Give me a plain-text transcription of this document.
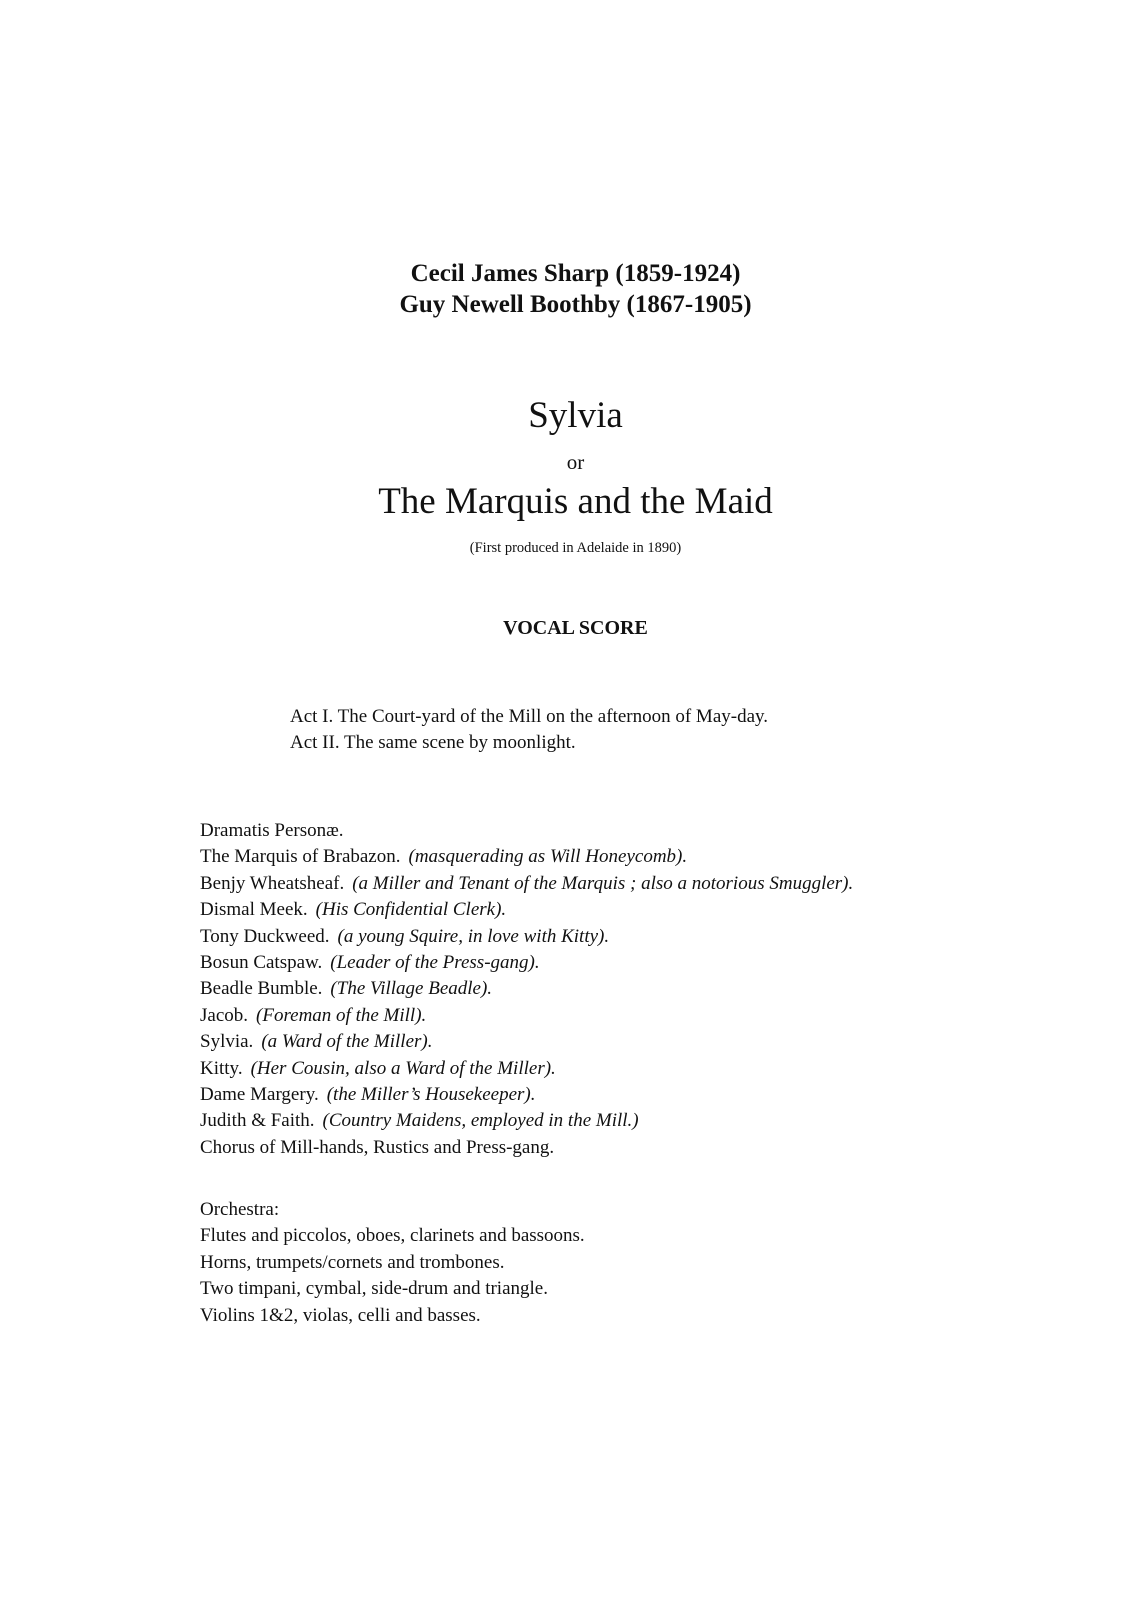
Cecil James Sharp (1859-1924)
Guy Newell Boothby (1867-1905)
Sylvia
or
The Marquis and the Maid
(First produced in Adelaide in 1890)
VOCAL SCORE
Act I. The Court-yard of the Mill on the afternoon of May-day.
Act II. The same scene by moonlight.
Dramatis Personæ.
The Marquis of Brabazon. (masquerading as Will Honeycomb).
Benjy Wheatsheaf. (a Miller and Tenant of the Marquis ; also a notorious Smuggler).
Dismal Meek. (His Confidential Clerk).
Tony Duckweed. (a young Squire, in love with Kitty).
Bosun Catspaw. (Leader of the Press-gang).
Beadle Bumble. (The Village Beadle).
Jacob. (Foreman of the Mill).
Sylvia. (a Ward of the Miller).
Kitty. (Her Cousin, also a Ward of the Miller).
Dame Margery. (the Miller’s Housekeeper).
Judith & Faith. (Country Maidens, employed in the Mill.)
Chorus of Mill-hands, Rustics and Press-gang.
Orchestra:
Flutes and piccolos, oboes, clarinets and bassoons.
Horns, trumpets/cornets and trombones.
Two timpani, cymbal, side-drum and triangle.
Violins 1&2, violas, celli and basses.
